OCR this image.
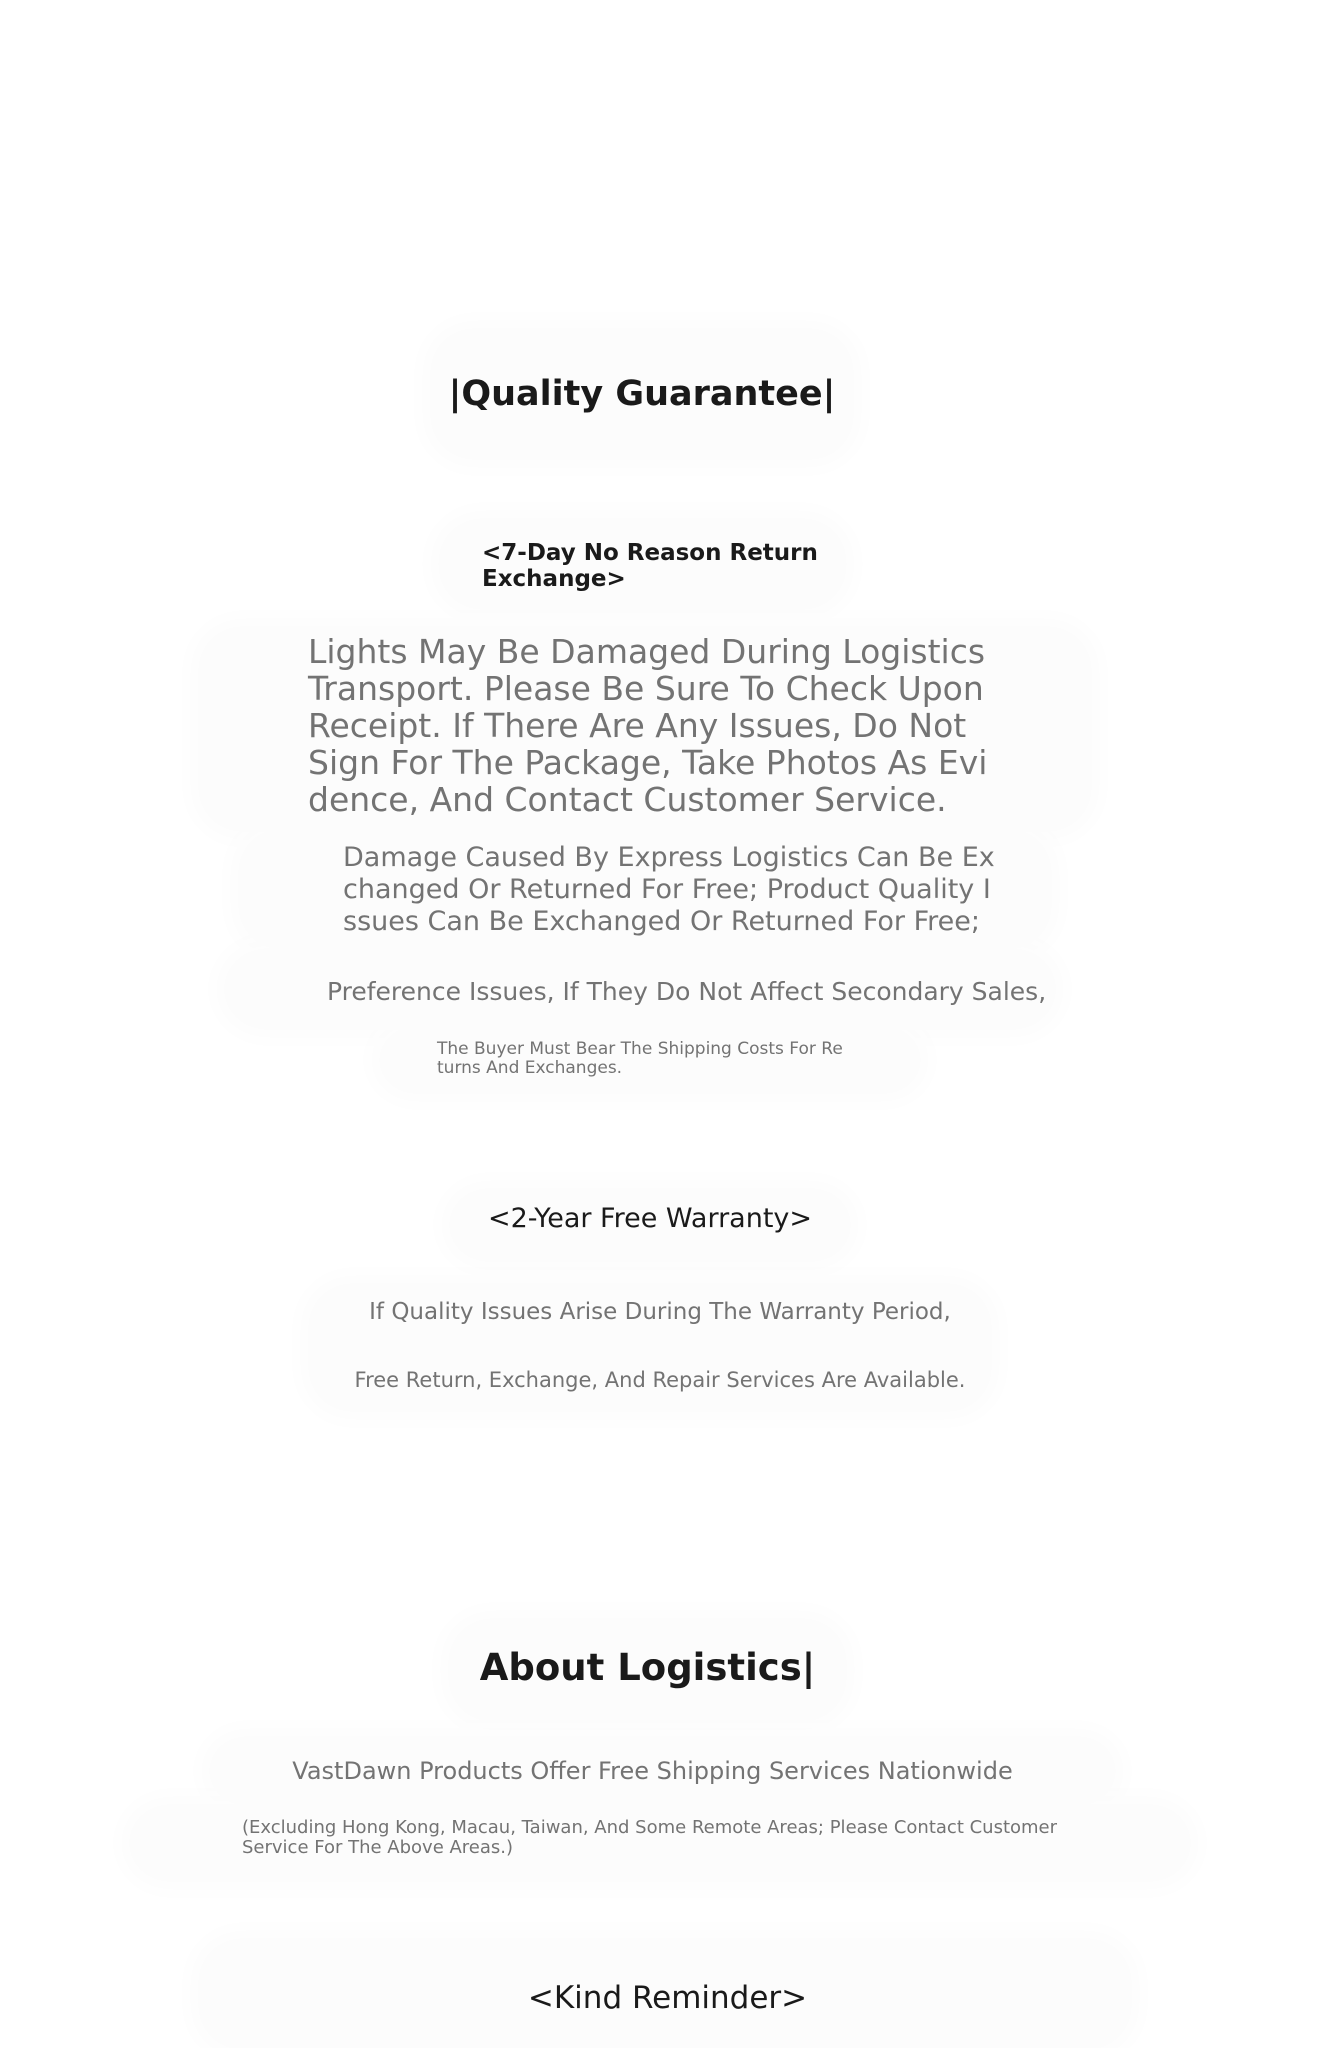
|Quality Guarantee|
<7-Day No Reason Return Exchange>
Lights May Be Damaged During Logistics Transport. Please Be Sure To Check Upon Receipt. If There Are Any Issues, Do Not Sign For The Package, Take Photos As Evidence, And Contact Customer Service.
Damage Caused By Express Logistics Can Be Exchanged Or Returned For Free; Product Quality Issues Can Be Exchanged Or Returned For Free;
Preference Issues, If They Do Not Affect Secondary Sales,
The Buyer Must Bear The Shipping Costs For Returns And Exchanges.
<2-Year Free Warranty>
If Quality Issues Arise During The Warranty Period,
Free Return, Exchange, And Repair Services Are Available.
About Logistics|
VastDawn Products Offer Free Shipping Services Nationwide
(Excluding Hong Kong, Macau, Taiwan, And Some Remote Areas; Please Contact Customer Service For The Above Areas.)
<Kind Reminder>
